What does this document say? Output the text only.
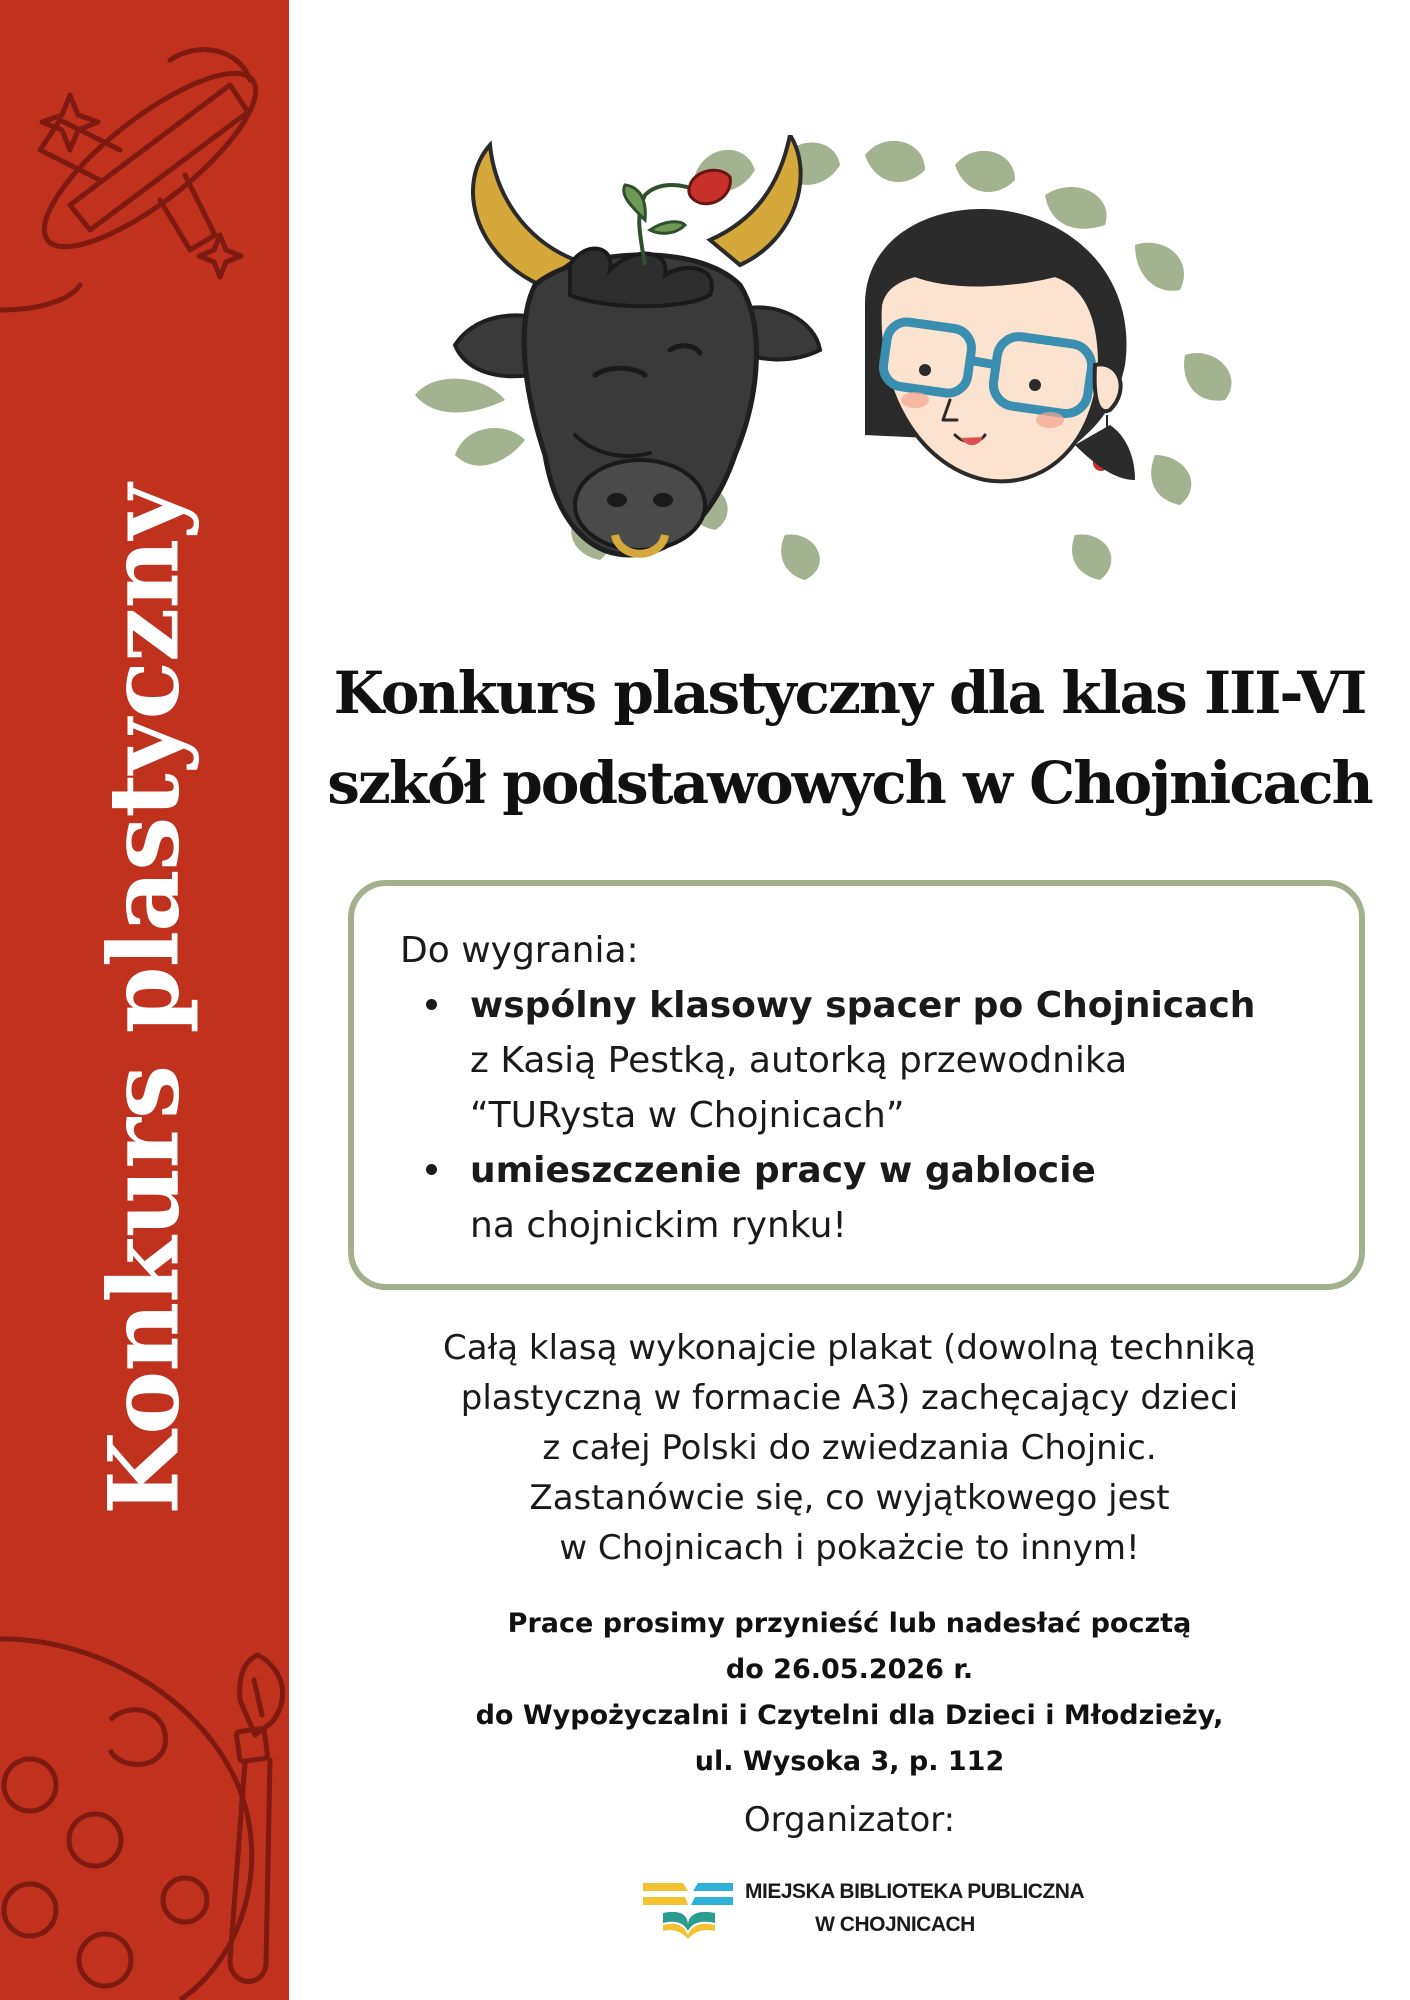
Konkurs plastyczny	Konkurs plastyczny dla klas III-VI
szkół podstawowych w Chojnicach
Do wygrania:
wspólny klasowy spacer po Chojnicach
z Kasią Pestką, autorką przewodnika
“TURysta w Chojnicach”
umieszczenie pracy w gablocie
na chojnickim rynku!
Całą klasą wykonajcie plakat (dowolną techniką
plastyczną w formacie A3) zachęcający dzieci
z całej Polski do zwiedzania Chojnic.
Zastanówcie się, co wyjątkowego jest
w Chojnicach i pokażcie to innym!
Prace prosimy przynieść lub nadesłać pocztą
do 26.05.2026 r.
do Wypożyczalni i Czytelni dla Dzieci i Młodzieży,
ul. Wysoka 3, p. 112
Organizator:
MIEJSKA BIBLIOTEKA PUBLICZNA
W CHOJNICACH
